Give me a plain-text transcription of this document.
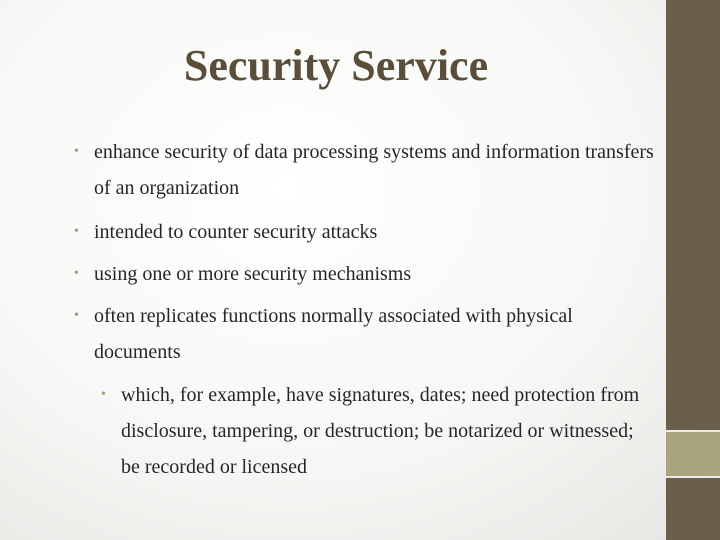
Security Service
• enhance security of data processing systems and information transfers of an organization
• intended to counter security attacks
• using one or more security mechanisms
• often replicates functions normally associated with physical documents
• which, for example, have signatures, dates; need protection from disclosure, tampering, or destruction; be notarized or witnessed; be recorded or licensed
